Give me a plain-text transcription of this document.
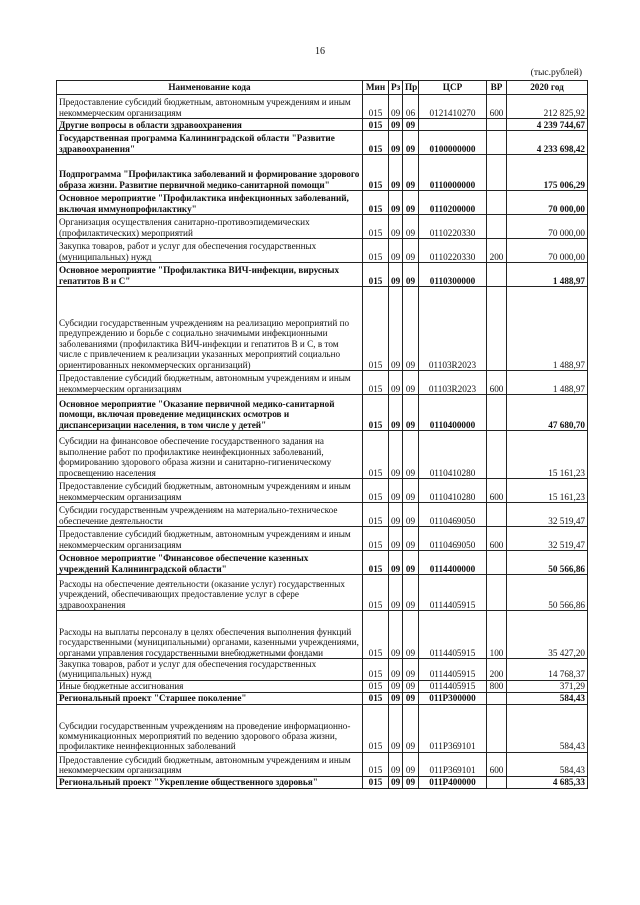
16
(тыс.рублей)
Наименование кода	Мин	Рз	Пр	ЦСР	ВР	2020 год
Предоставление субсидий бюджетным, автономным учреждениям и иным некоммерческим организациям	015	09	06	0121410270	600	212 825,92
Другие вопросы в области здравоохранения	015	09	09			4 239 744,67
Государственная программа Калининградской области "Развитие здравоохранения"	015	09	09	0100000000		4 233 698,42
Подпрограмма "Профилактика заболеваний и формирование здорового образа жизни. Развитие первичной медико-санитарной помощи"	015	09	09	0110000000		175 006,29
Основное мероприятие "Профилактика инфекционных заболеваний, включая иммунопрофилактику"	015	09	09	0110200000		70 000,00
Организация осуществления санитарно-противоэпидемических (профилактических) мероприятий	015	09	09	0110220330		70 000,00
Закупка товаров, работ и услуг для обеспечения государственных (муниципальных) нужд	015	09	09	0110220330	200	70 000,00
Основное мероприятие "Профилактика ВИЧ-инфекции, вирусных гепатитов В и С"	015	09	09	0110300000		1 488,97
Субсидии государственным учреждениям на реализацию мероприятий по предупреждению и борьбе с социально значимыми инфекционными заболеваниями (профилактика ВИЧ-инфекции и гепатитов В и С, в том числе с привлечением к реализации указанных мероприятий социально ориентированных некоммерческих организаций)	015	09	09	01103R2023		1 488,97
Предоставление субсидий бюджетным, автономным учреждениям и иным некоммерческим организациям	015	09	09	01103R2023	600	1 488,97
Основное мероприятие "Оказание первичной медико-санитарной помощи, включая проведение медицинских осмотров и диспансеризации населения, в том числе у детей"	015	09	09	0110400000		47 680,70
Субсидии на финансовое обеспечение государственного задания на выполнение работ по профилактике неинфекционных заболеваний, формированию здорового образа жизни и санитарно-гигиеническому просвещению населения	015	09	09	0110410280		15 161,23
Предоставление субсидий бюджетным, автономным учреждениям и иным некоммерческим организациям	015	09	09	0110410280	600	15 161,23
Субсидии государственным учреждениям на материально-техническое обеспечение деятельности	015	09	09	0110469050		32 519,47
Предоставление субсидий бюджетным, автономным учреждениям и иным некоммерческим организациям	015	09	09	0110469050	600	32 519,47
Основное мероприятие "Финансовое обеспечение казенных учреждений Калининградской области"	015	09	09	0114400000		50 566,86
Расходы на обеспечение деятельности (оказание услуг) государственных учреждений, обеспечивающих предоставление услуг в сфере здравоохранения	015	09	09	0114405915		50 566,86
Расходы на выплаты персоналу в целях обеспечения выполнения функций государственными (муниципальными) органами, казенными учреждениями, органами управления государственными внебюджетными фондами	015	09	09	0114405915	100	35 427,20
Закупка товаров, работ и услуг для обеспечения государственных (муниципальных) нужд	015	09	09	0114405915	200	14 768,37
Иные бюджетные ассигнования	015	09	09	0114405915	800	371,29
Региональный проект "Старшее поколение"	015	09	09	011P300000		584,43
Субсидии государственным учреждениям на проведение информационно-коммуникационных мероприятий по ведению здорового образа жизни, профилактике неинфекционных заболеваний	015	09	09	011P369101		584,43
Предоставление субсидий бюджетным, автономным учреждениям и иным некоммерческим организациям	015	09	09	011P369101	600	584,43
Региональный проект "Укрепление общественного здоровья"	015	09	09	011P400000		4 685,33
